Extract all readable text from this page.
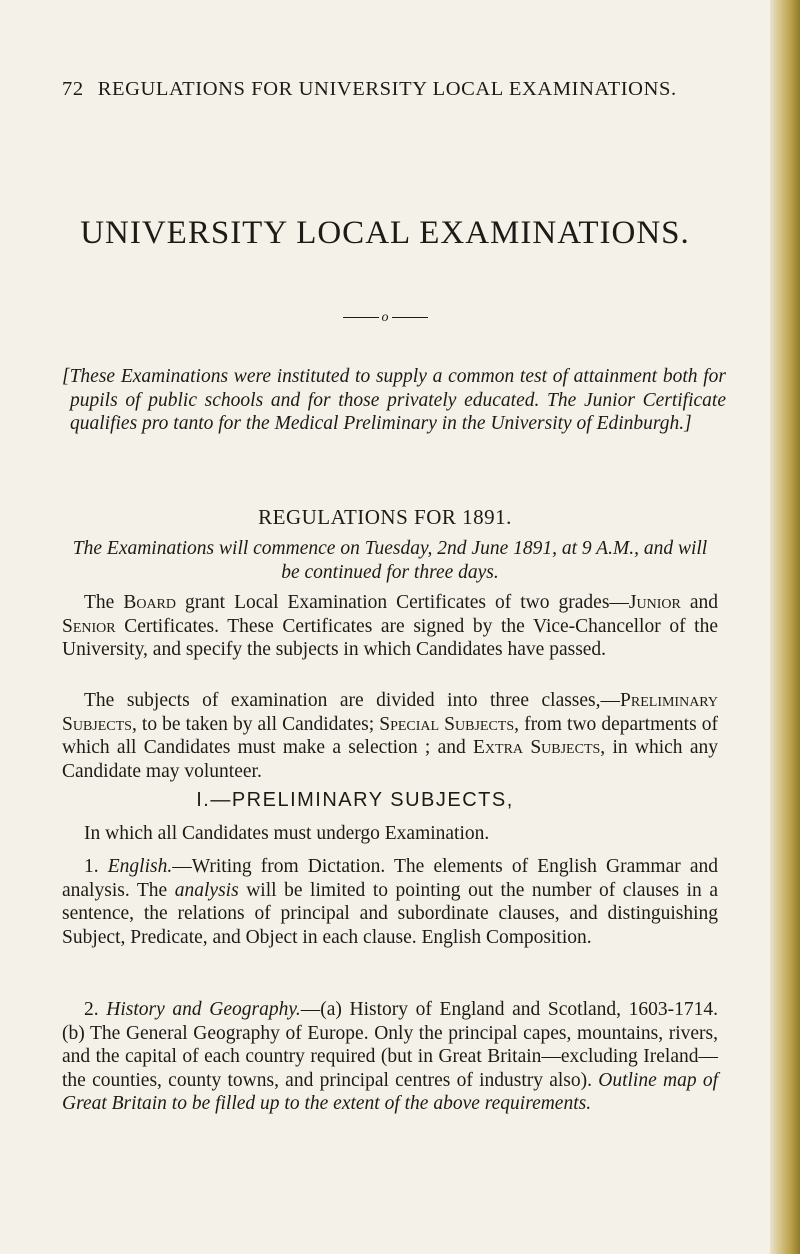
72 REGULATIONS FOR UNIVERSITY LOCAL EXAMINATIONS.
UNIVERSITY LOCAL EXAMINATIONS.
o
[These Examinations were instituted to supply a common test of attainment both for pupils of public schools and for those privately educated. The Junior Certificate qualifies pro tanto for the Medical Preliminary in the University of Edinburgh.]
REGULATIONS FOR 1891.
The Examinations will commence on Tuesday, 2nd June 1891, at 9 A.M., and will be continued for three days.
The Board grant Local Examination Certificates of two grades—Junior and Senior Certificates. These Certificates are signed by the Vice-Chancellor of the University, and specify the subjects in which Candidates have passed.
The subjects of examination are divided into three classes,—Preliminary Subjects, to be taken by all Candidates; Special Subjects, from two departments of which all Candidates must make a selection ; and Extra Subjects, in which any Candidate may volunteer.
I.—PRELIMINARY SUBJECTS,
In which all Candidates must undergo Examination.
1. English.—Writing from Dictation. The elements of English Grammar and analysis. The analysis will be limited to pointing out the number of clauses in a sentence, the relations of principal and subordinate clauses, and distinguishing Subject, Predicate, and Object in each clause. English Composition.
2. History and Geography.—(a) History of England and Scotland, 1603-1714. (b) The General Geography of Europe. Only the principal capes, mountains, rivers, and the capital of each country required (but in Great Britain—excluding Ireland—the counties, county towns, and principal centres of industry also). Outline map of Great Britain to be filled up to the extent of the above requirements.
